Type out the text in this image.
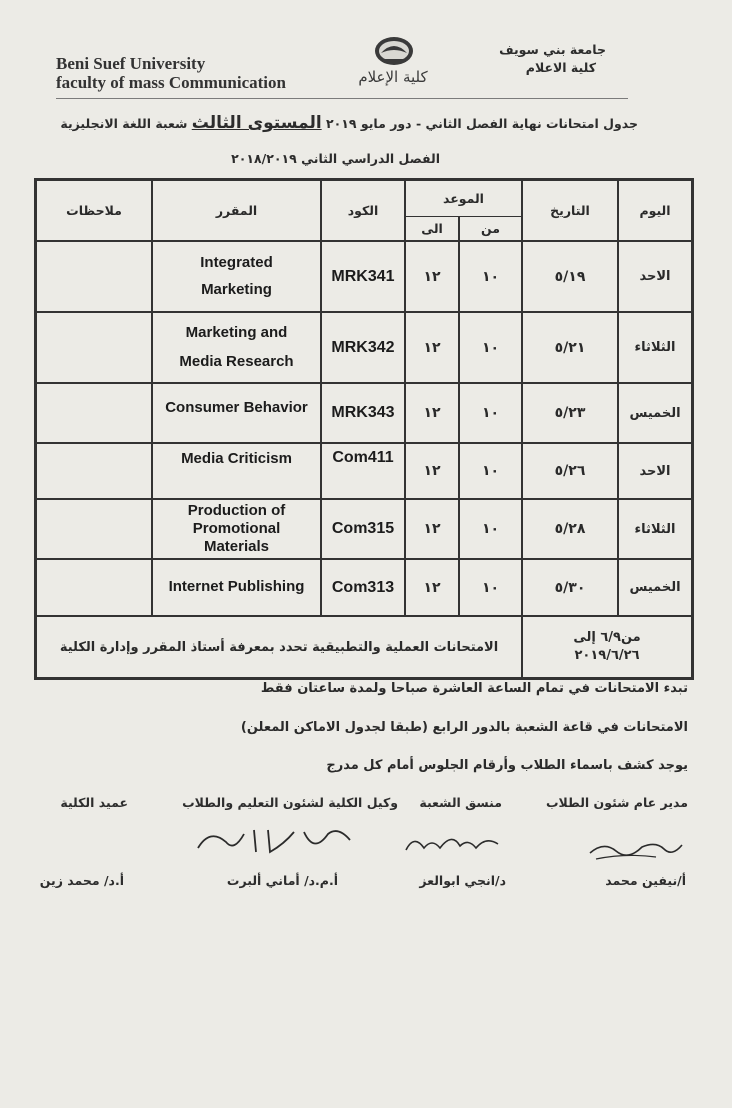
Beni Suef University
faculty of mass Communication
جامعة بني سويف
كلية الاعلام
كلية الإعلام
جدول امتحانات نهاية الفصل الثاني - دور مايو ٢٠١٩ المستوى الثالث شعبة اللغة الانجليزية
الفصل الدراسي الثاني ٢٠١٨/٢٠١٩
اليوم
التاريخ
الموعد
من
الى
الكود
المقرر
ملاحظات
الاحد
٥/١٩
١٠
١٢
MRK341
Integrated
Marketing
الثلاثاء
٥/٢١
١٠
١٢
MRK342
Marketing and
Media Research
الخميس
٥/٢٣
١٠
١٢
MRK343
Consumer Behavior
الاحد
٥/٢٦
١٠
١٢
Com411
Media Criticism
الثلاثاء
٥/٢٨
١٠
١٢
Com315
Production of
Promotional
Materials
الخميس
٥/٣٠
١٠
١٢
Com313
Internet Publishing
من٦/٩ إلى
٢٠١٩/٦/٢٦
الامتحانات العملية والتطبيقية تحدد بمعرفة أستاذ المقرر وإدارة الكلية
تبدء الامتحانات في تمام الساعة العاشرة صباحا ولمدة ساعتان فقط
الامتحانات في قاعة الشعبة بالدور الرابع (طبقا لجدول الاماكن المعلن)
يوجد كشف باسماء الطلاب وأرقام الجلوس أمام كل مدرج
مدير عام شئون الطلاب
منسق الشعبة
وكيل الكلية لشئون التعليم والطلاب
عميد الكلية
أ/نيفين محمد
د/انجي ابوالعز
أ.م.د/ أماني ألبرت
أ.د/ محمد زين
